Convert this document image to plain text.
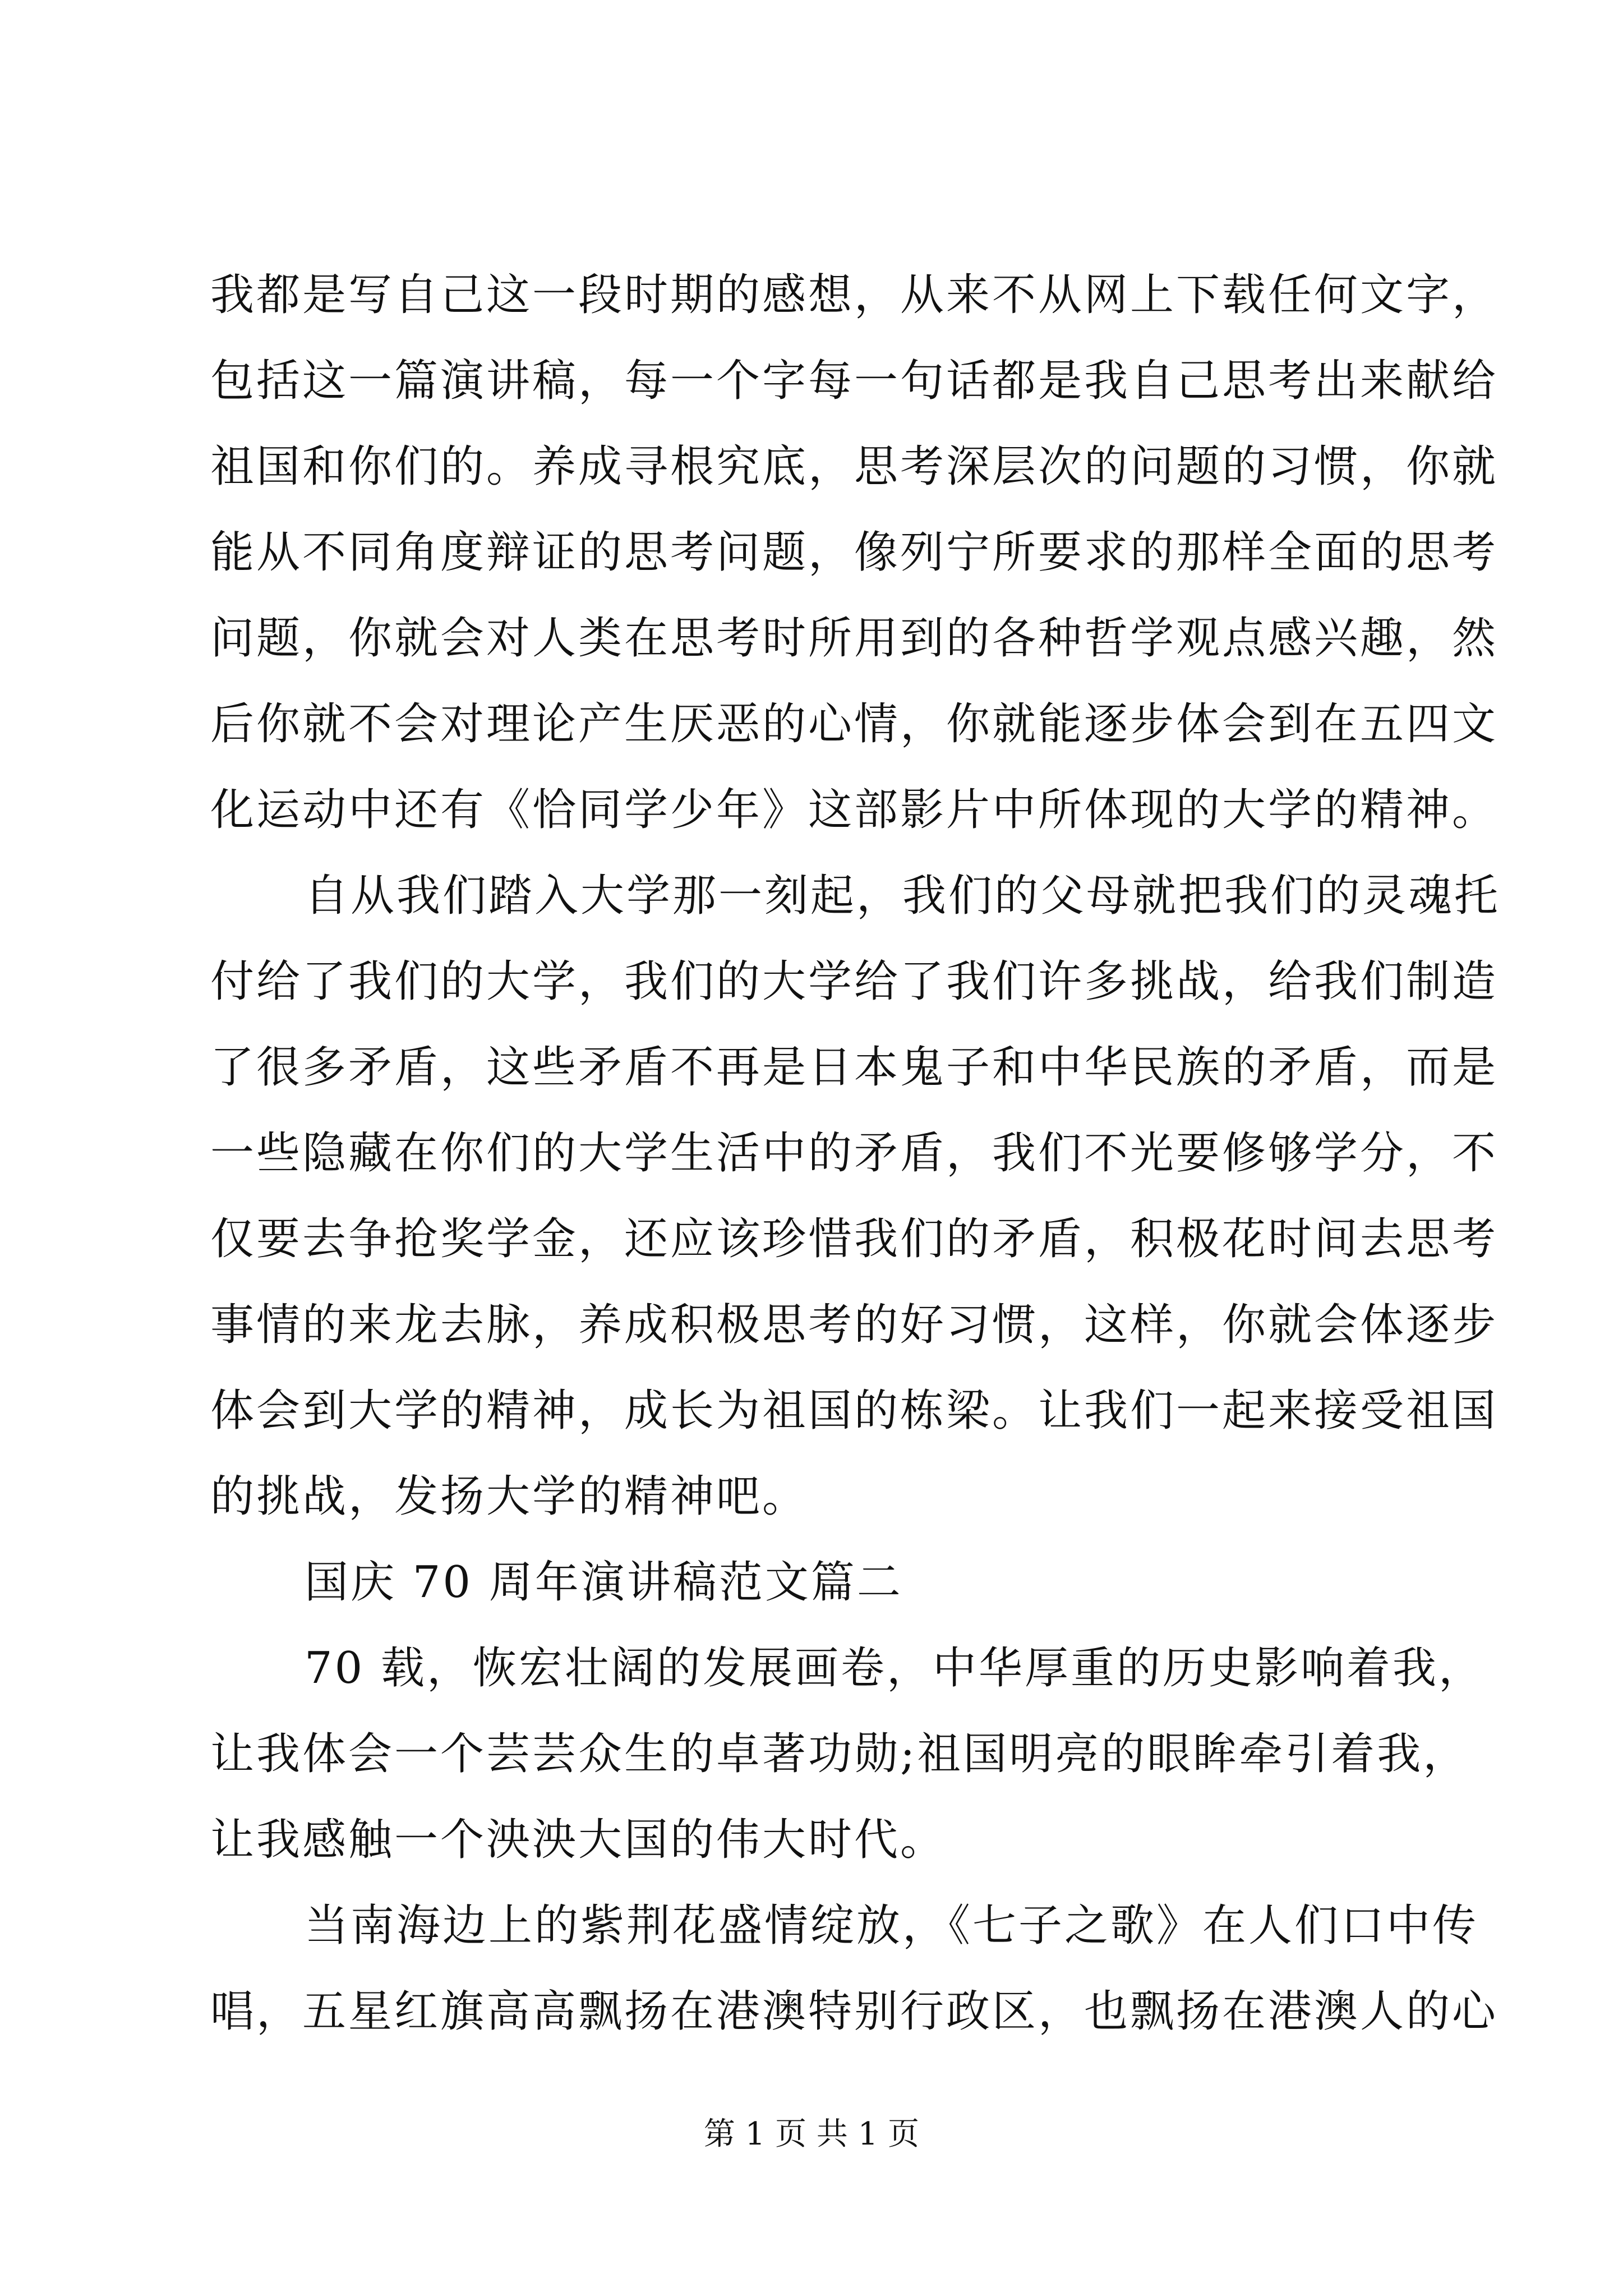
我都是写自己这一段时期的感想，从来不从网上下载任何文字，
包括这一篇演讲稿，每一个字每一句话都是我自己思考出来献给
祖国和你们的。养成寻根究底，思考深层次的问题的习惯，你就
能从不同角度辩证的思考问题，像列宁所要求的那样全面的思考
问题，你就会对人类在思考时所用到的各种哲学观点感兴趣，然
后你就不会对理论产生厌恶的心情，你就能逐步体会到在五四文
化运动中还有《恰同学少年》这部影片中所体现的大学的精神。
自从我们踏入大学那一刻起，我们的父母就把我们的灵魂托
付给了我们的大学，我们的大学给了我们许多挑战，给我们制造
了很多矛盾，这些矛盾不再是日本鬼子和中华民族的矛盾，而是
一些隐藏在你们的大学生活中的矛盾，我们不光要修够学分，不
仅要去争抢奖学金，还应该珍惜我们的矛盾，积极花时间去思考
事情的来龙去脉，养成积极思考的好习惯，这样，你就会体逐步
体会到大学的精神，成长为祖国的栋梁。让我们一起来接受祖国
的挑战，发扬大学的精神吧。
国庆 70 周年演讲稿范文篇二
70 载，恢宏壮阔的发展画卷，中华厚重的历史影响着我，
让我体会一个芸芸众生的卓著功勋;祖国明亮的眼眸牵引着我，
让我感触一个泱泱大国的伟大时代。
当南海边上的紫荆花盛情绽放，《七子之歌》在人们口中传
唱，五星红旗高高飘扬在港澳特别行政区，也飘扬在港澳人的心
第 1 页 共 1 页
